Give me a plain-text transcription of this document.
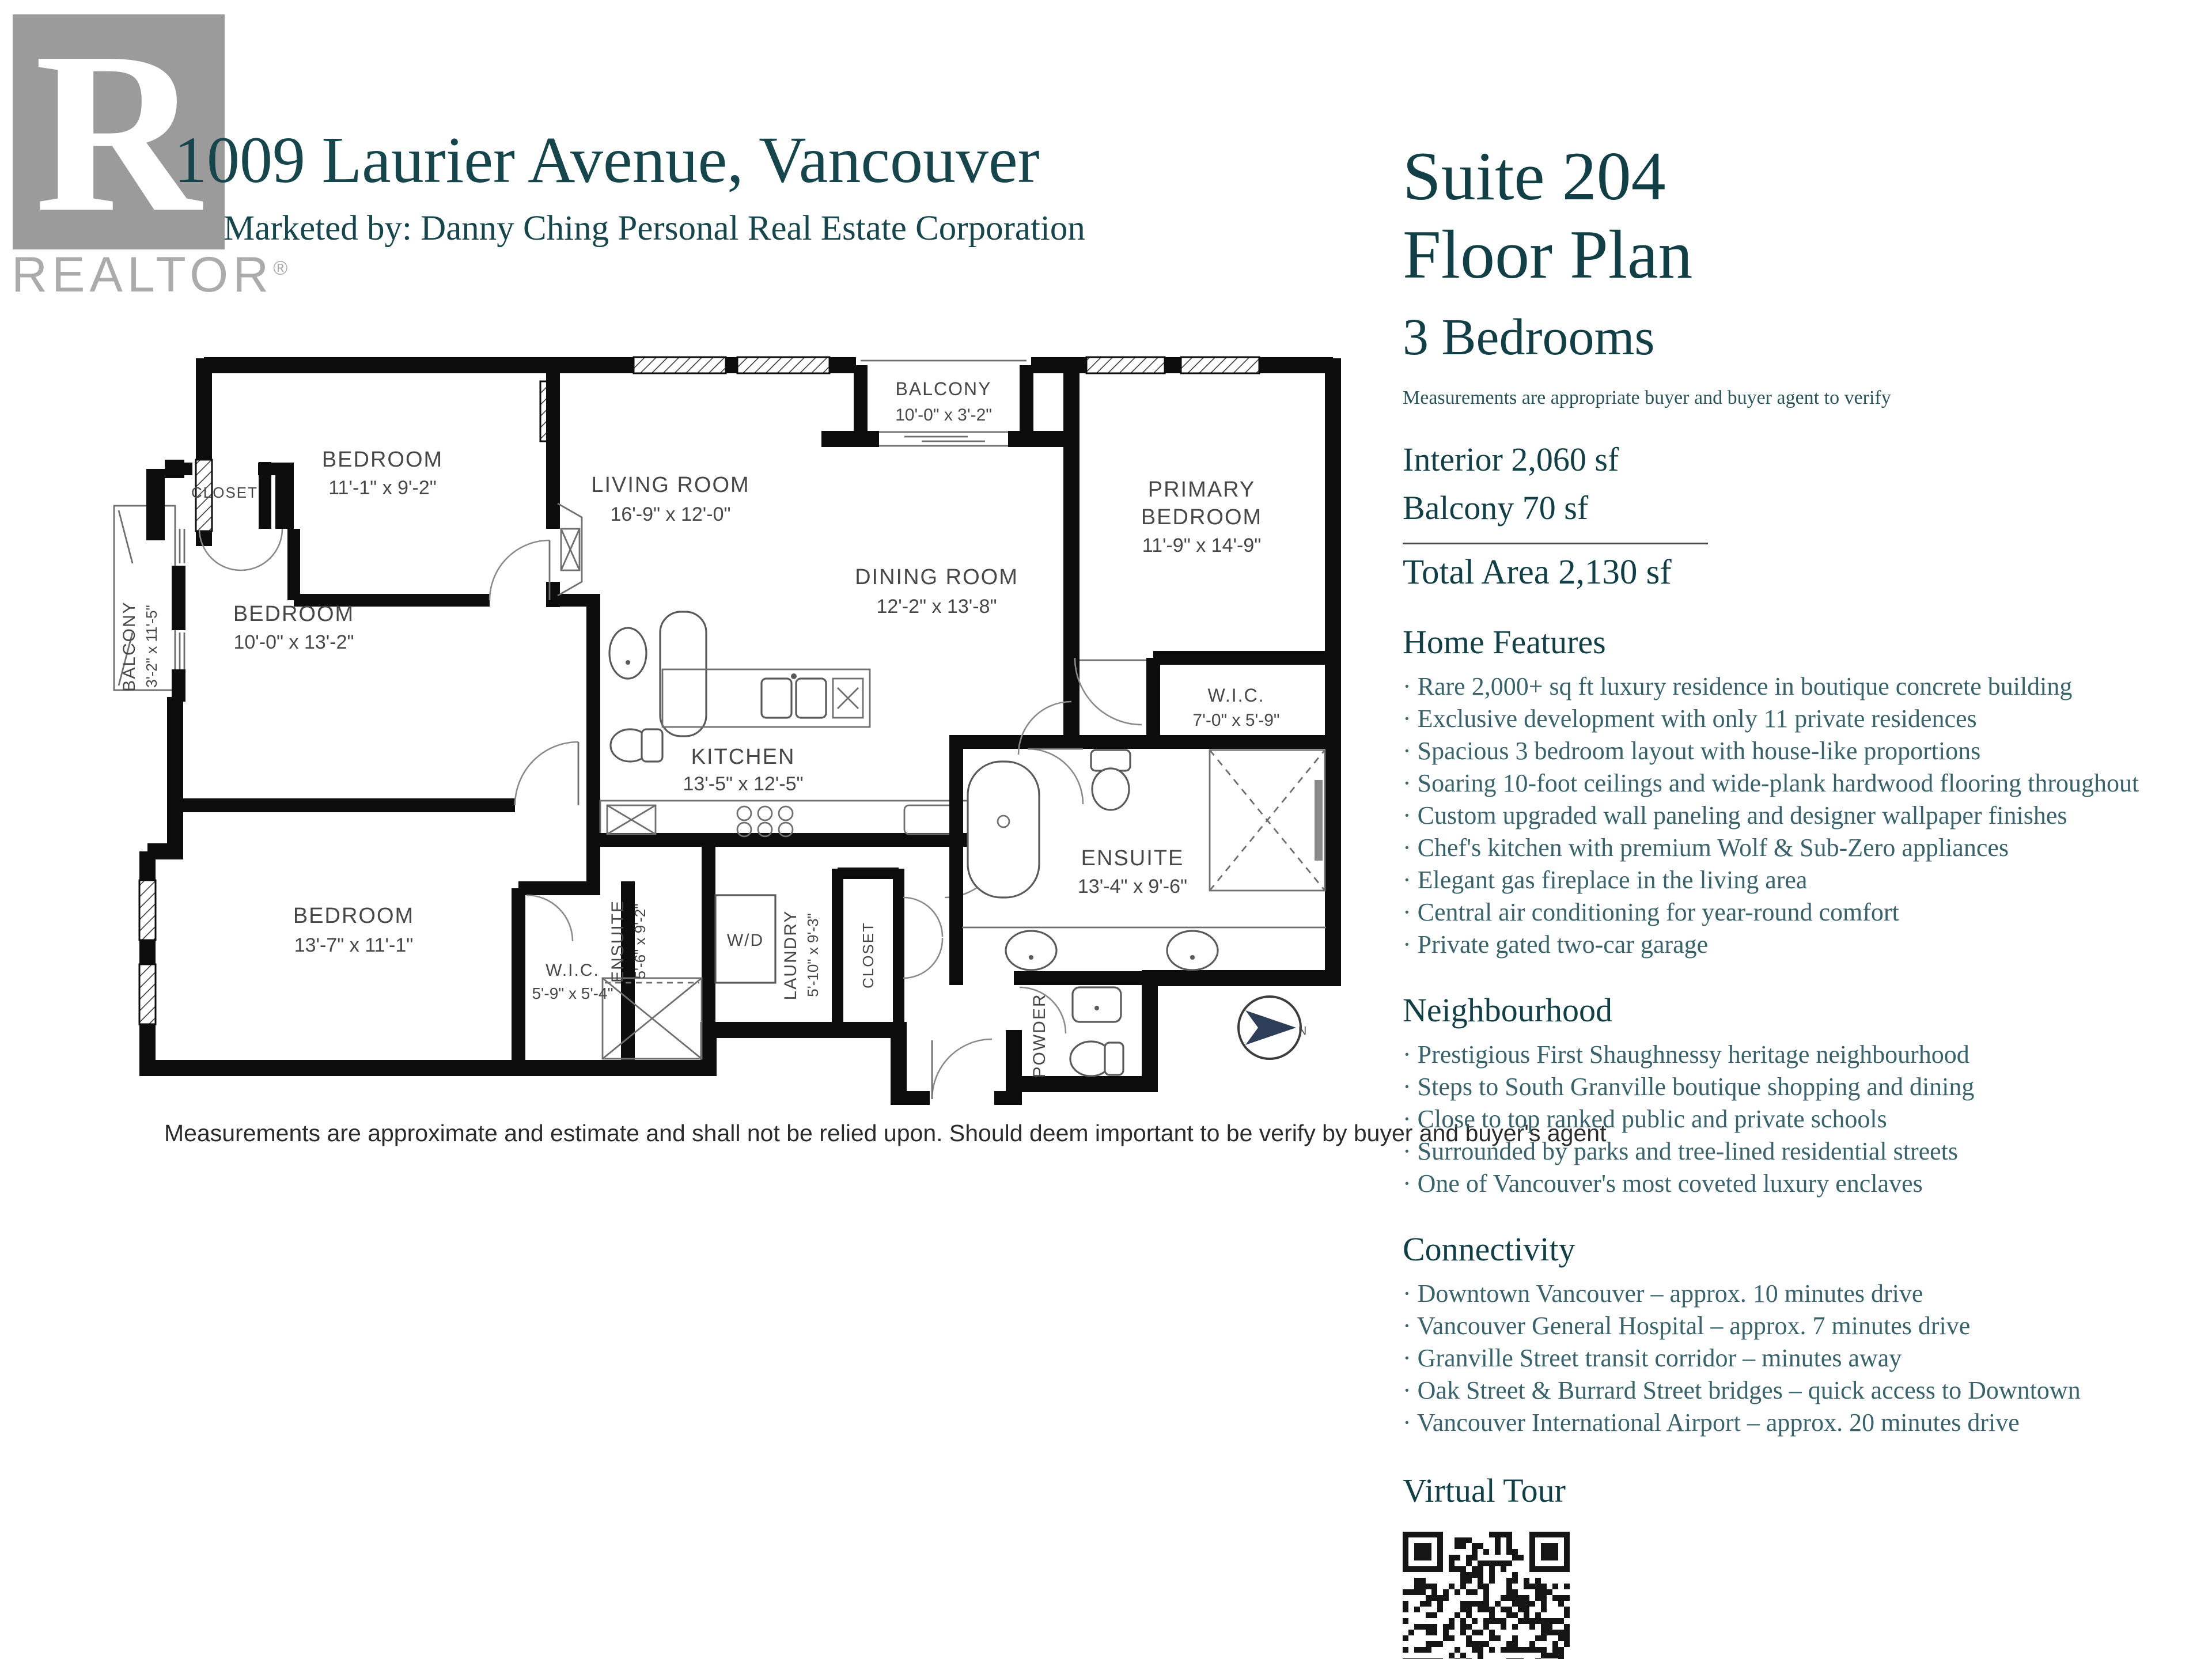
R
REALTOR®
1009 Laurier Avenue, Vancouver
Marketed by: Danny Ching Personal Real Estate Corporation
N
BEDROOM
11'-1" x 9'-2"
CLOSET	LIVING ROOM
16'-9" x 12'-0"
BALCONY
10'-0" x 3'-2"
PRIMARY
BEDROOM
11'-9" x 14'-9"
DINING ROOM
12'-2" x 13'-8"
BEDROOM
10'-0" x 13'-2"
BALCONY 3'-2" x 11'-5"
KITCHEN
13'-5" x 12'-5"
W.I.C.
7'-0" x 5'-9"
ENSUITE
13'-4" x 9'-6"
BEDROOM
13'-7" x 11'-1"
W.I.C.
5'-9" x 5'-4"
ENSUITE 5'-6" x 9'-2"	W/D LAUNDRY 5'-10" x 9'-3"	CLOSET
POWDER
Measurements are approximate and estimate and shall not be relied upon. Should deem important to be verify by buyer and buyer's agent
Suite 204
Floor Plan
3 Bedrooms
Measurements are appropriate buyer and buyer agent to verify
Interior 2,060 sf
Balcony 70 sf
Total Area 2,130 sf
Home Features
· Rare 2,000+ sq ft luxury residence in boutique concrete building
· Exclusive development with only 11 private residences
· Spacious 3 bedroom layout with house-like proportions
· Soaring 10-foot ceilings and wide-plank hardwood flooring throughout
· Custom upgraded wall paneling and designer wallpaper finishes
· Chef's kitchen with premium Wolf & Sub-Zero appliances
· Elegant gas fireplace in the living area
· Central air conditioning for year-round comfort
· Private gated two-car garage
Neighbourhood
· Prestigious First Shaughnessy heritage neighbourhood
· Steps to South Granville boutique shopping and dining
· Close to top ranked public and private schools
· Surrounded by parks and tree-lined residential streets
· One of Vancouver's most coveted luxury enclaves
Connectivity
· Downtown Vancouver – approx. 10 minutes drive
· Vancouver General Hospital – approx. 7 minutes drive
· Granville Street transit corridor – minutes away
· Oak Street & Burrard Street bridges – quick access to Downtown
· Vancouver International Airport – approx. 20 minutes drive
Virtual Tour
